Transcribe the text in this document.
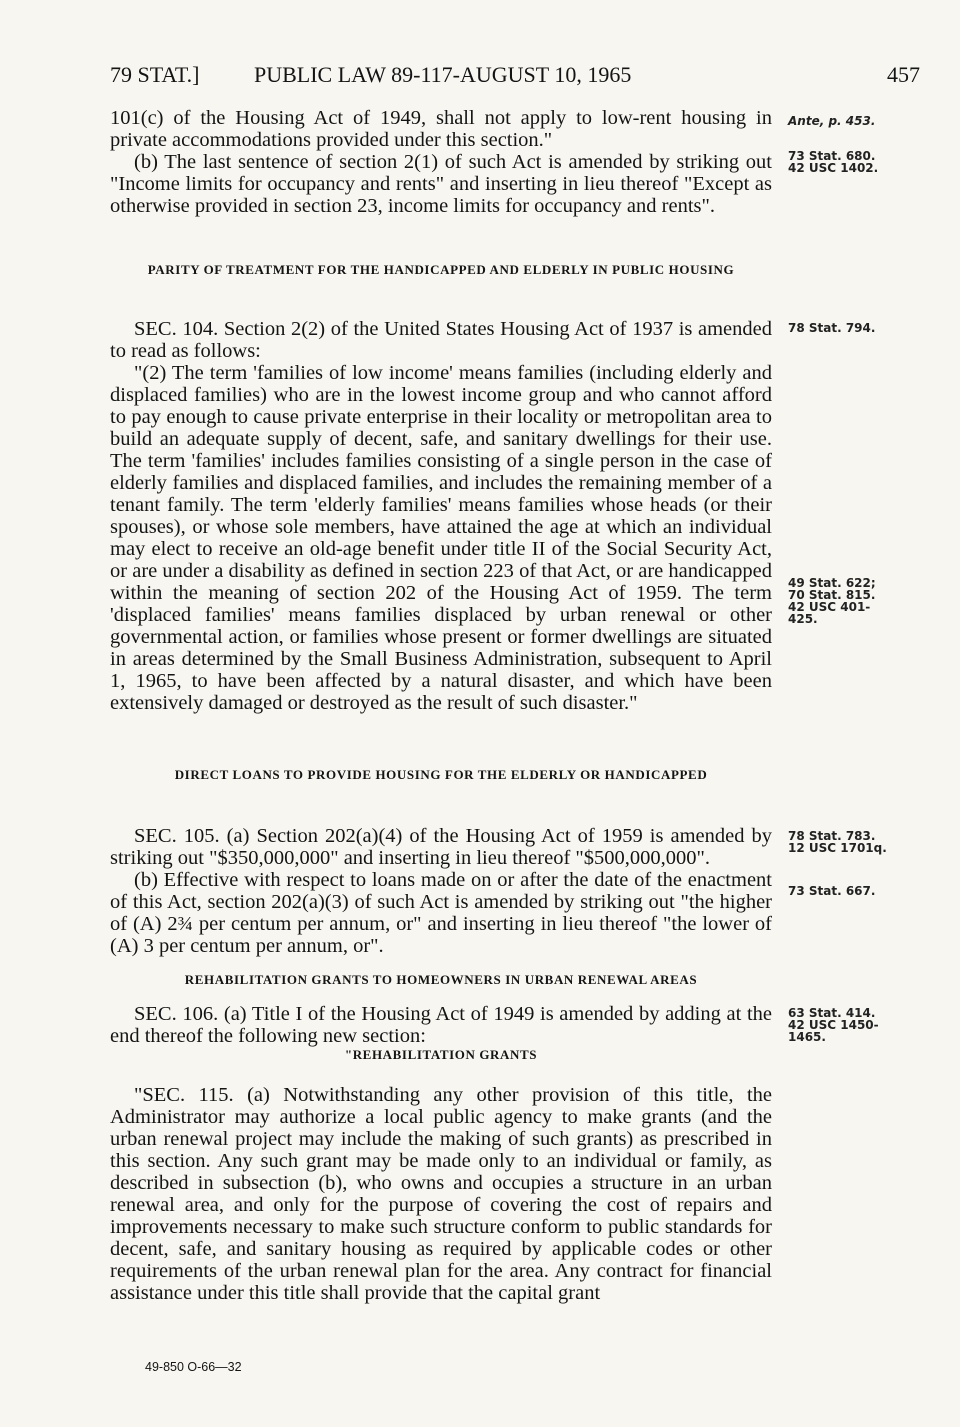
79 STAT.] PUBLIC LAW 89-117-AUGUST 10, 1965	457

101(c) of the Housing Act of 1949, shall not apply to low-rent housing in private accommodations provided under this section."

(b) The last sentence of section 2(1) of such Act is amended by striking out "Income limits for occupancy and rents" and inserting in lieu thereof "Except as otherwise provided in section 23, income limits for occupancy and rents".

PARITY OF TREATMENT FOR THE HANDICAPPED AND ELDERLY IN PUBLIC HOUSING

SEC. 104. Section 2(2) of the United States Housing Act of 1937 is amended to read as follows:

"(2) The term 'families of low income' means families (including elderly and displaced families) who are in the lowest income group and who cannot afford to pay enough to cause private enterprise in their locality or metropolitan area to build an adequate supply of decent, safe, and sanitary dwellings for their use. The term 'families' includes families consisting of a single person in the case of elderly families and displaced families, and includes the remaining member of a tenant family. The term 'elderly families' means families whose heads (or their spouses), or whose sole members, have attained the age at which an individual may elect to receive an old-age benefit under title II of the Social Security Act, or are under a disability as defined in section 223 of that Act, or are handicapped within the meaning of section 202 of the Housing Act of 1959. The term 'displaced families' means families displaced by urban renewal or other governmental action, or families whose present or former dwellings are situated in areas determined by the Small Business Administration, subsequent to April 1, 1965, to have been affected by a natural disaster, and which have been extensively damaged or destroyed as the result of such disaster."

DIRECT LOANS TO PROVIDE HOUSING FOR THE ELDERLY OR HANDICAPPED

SEC. 105. (a) Section 202(a)(4) of the Housing Act of 1959 is amended by striking out "$350,000,000" and inserting in lieu thereof "$500,000,000".

(b) Effective with respect to loans made on or after the date of the enactment of this Act, section 202(a)(3) of such Act is amended by striking out "the higher of (A) 2¾ per centum per annum, or" and inserting in lieu thereof "the lower of (A) 3 per centum per annum, or".

REHABILITATION GRANTS TO HOMEOWNERS IN URBAN RENEWAL AREAS

SEC. 106. (a) Title I of the Housing Act of 1949 is amended by adding at the end thereof the following new section:

"REHABILITATION GRANTS

"SEC. 115. (a) Notwithstanding any other provision of this title, the Administrator may authorize a local public agency to make grants (and the urban renewal project may include the making of such grants) as prescribed in this section. Any such grant may be made only to an individual or family, as described in subsection (b), who owns and occupies a structure in an urban renewal area, and only for the purpose of covering the cost of repairs and improvements necessary to make such structure conform to public standards for decent, safe, and sanitary housing as required by applicable codes or other requirements of the urban renewal plan for the area. Any contract for financial assistance under this title shall provide that the capital grant

Ante, p. 453.
73 Stat. 680.
42 USC 1402.
78 Stat. 794.
49 Stat. 622;
70 Stat. 815.
42 USC 401-
425.
78 Stat. 783.
12 USC 1701q.
73 Stat. 667.
63 Stat. 414.
42 USC 1450-
1465.
49-850 O-66—32
